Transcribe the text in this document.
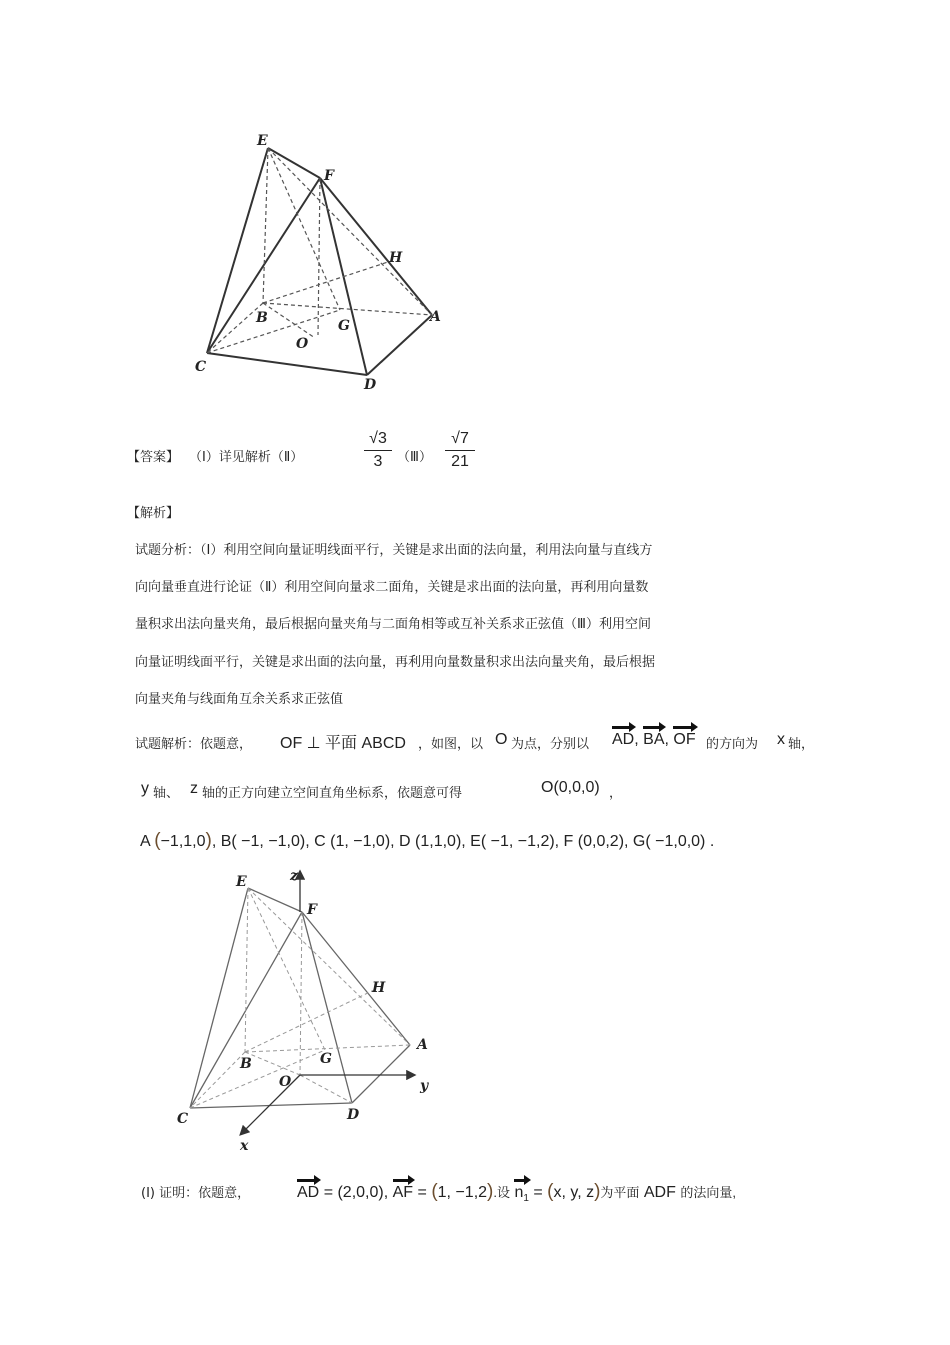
E
F
H
A
B	G
O
C
D
【答案】 （Ⅰ）详见解析（Ⅱ）
√3
3	（Ⅲ）
√7
21
【解析】
试题分析：（Ⅰ）利用空间向量证明线面平行，关键是求出面的法向量，利用法向量与直线方
向向量垂直进行论证（Ⅱ）利用空间向量求二面角，关键是求出面的法向量，再利用向量数
量积求出法向量夹角，最后根据向量夹角与二面角相等或互补关系求正弦值（Ⅲ）利用空间
向量证明线面平行，关键是求出面的法向量，再利用向量数量积求出法向量夹角，最后根据
向量夹角与线面角互余关系求正弦值
试题解析：依题意， OF ⊥ 平面 ABCD ，如图，以 O 为点，分别以 AD, BA, OF 的方向为 x 轴，
y 轴、 z 轴的正方向建立空间直角坐标系，依题意可得	O(0,0,0) ，
A (−1,1,0), B( −1, −1,0), C (1, −1,0), D (1,1,0), E( −1, −1,2), F (0,0,2), G( −1,0,0) .
z
E
F
H
A
B	G
O	y
C	D
x
(Ⅰ) 证明：依题意，	AD = (2,0,0), AF = (1, −1,2).设 $n_1 = (x$, y, z)为平面 ADF 的法向量,
